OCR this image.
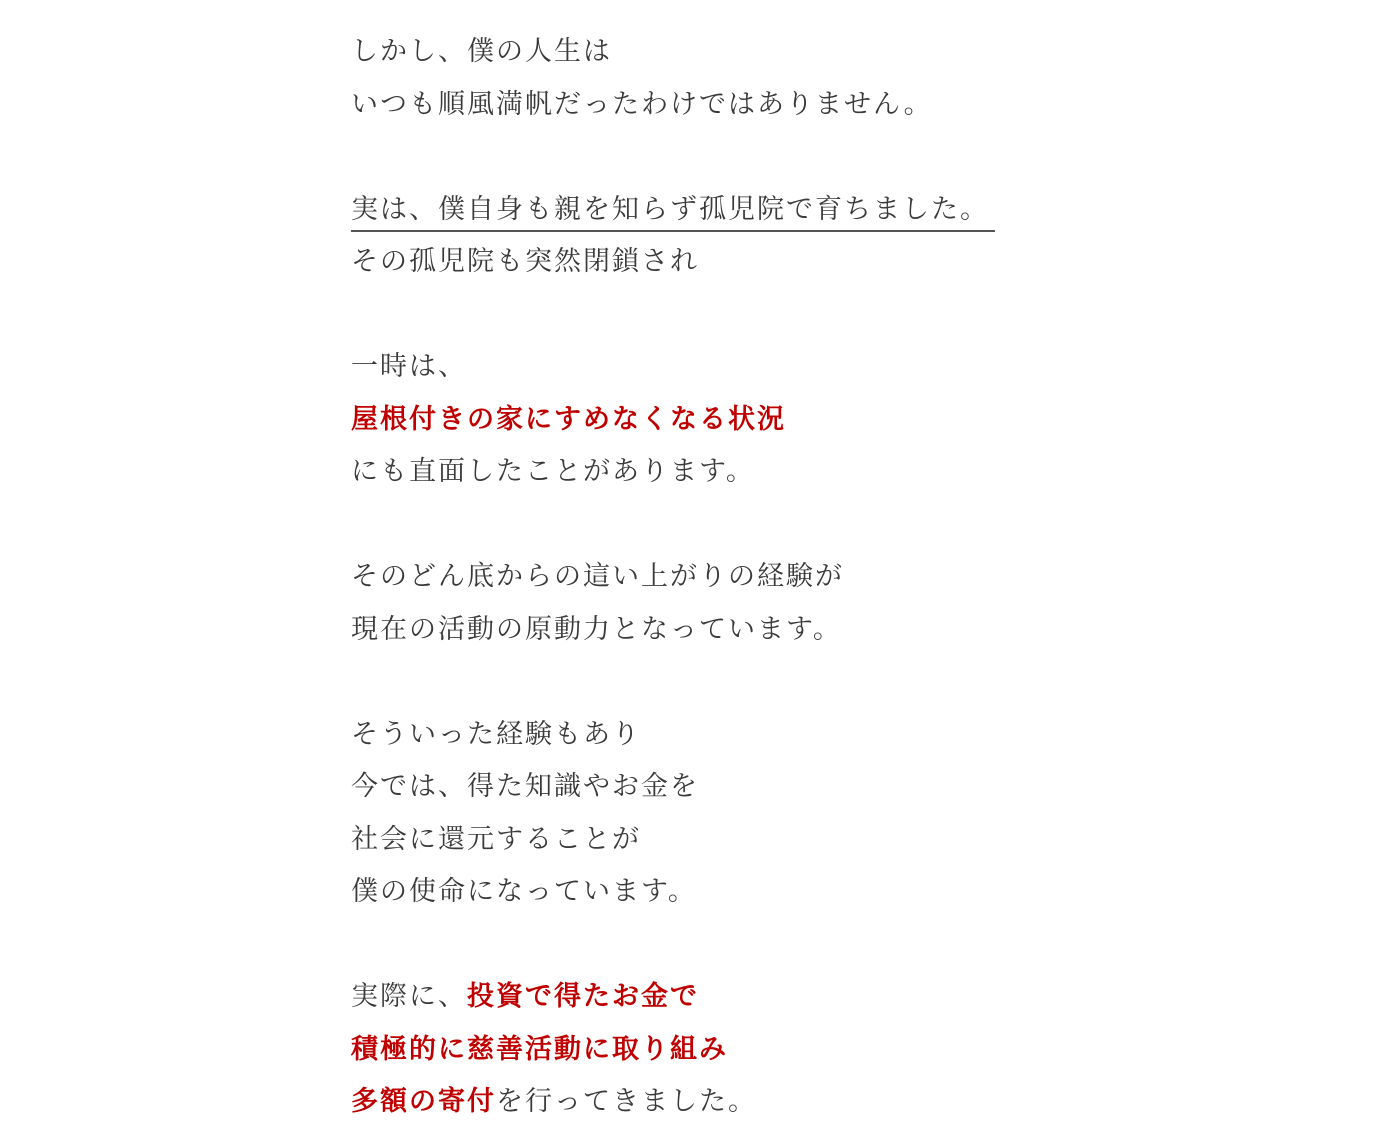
しかし、僕の人生は
いつも順風満帆だったわけではありません。
実は、僕自身も親を知らず孤児院で育ちました。
その孤児院も突然閉鎖され
一時は、
屋根付きの家にすめなくなる状況
にも直面したことがあります。
そのどん底からの這い上がりの経験が
現在の活動の原動力となっています。
そういった経験もあり
今では、得た知識やお金を
社会に還元することが
僕の使命になっています。
実際に、投資で得たお金で
積極的に慈善活動に取り組み
多額の寄付を行ってきました。
